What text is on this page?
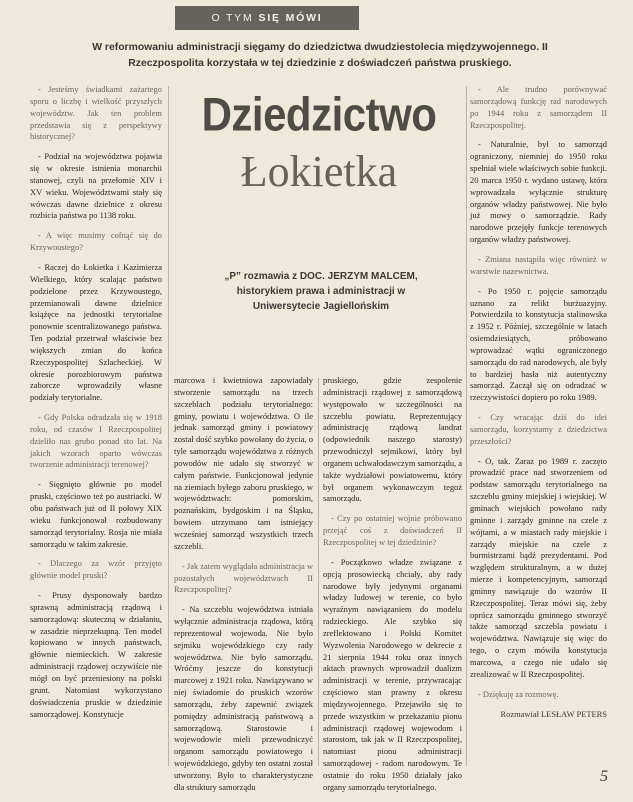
O TYM SIĘ MÓWI
W reformowaniu administracji sięgamy do dziedzictwa dwudziestolecia międzywojennego. II Rzeczpospolita korzystała w tej dziedzinie z doświadczeń państwa pruskiego.
Dziedzictwo
Łokietka
„P” rozmawia z DOC. JERZYM MALCEM, historykiem prawa i administracji w Uniwersytecie Jagiellońskim

- Jesteśmy świadkami zażartego sporu o liczbę i wielkość przyszłych województw. Jak ten problem przedstawia się z perspektywy historycznej?

- Podział na województwa pojawia się w okresie istnienia monarchii stanowej, czyli na przełomie XIV i XV wieku. Województwami stały się wówczas dawne dzielnice z okresu rozbicia państwa po 1138 roku.

- A więc musimy cofnąć się do Krzywoustego?

- Raczej do Łokietka i Kazimierza Wielkiego, który scalając państwo podzielone przez Krzywoustego, przemianowali dawne dzielnice książęce na jednostki terytorialne ponownie scentralizowanego państwa. Ten podział przetrwał właściwie bez większych zmian do końca Rzeczypospolitej Szlacheckiej. W okresie porozbiorowym państwa zaborcze wprowadziły własne podziały terytorialne.

- Gdy Polska odradzała się w 1918 roku, od czasów I Rzeczpospolitej dzieliło nas grubo ponad sto lat. Na jakich wzorach oparto wówczas tworzenie administracji terenowej?

- Sięgnięto głównie po model pruski, częściowo też po austriacki. W obu państwach już od II połowy XIX wieku funkcjonował rozbudowany samorząd terytorialny. Rosja nie miała samorządu w takim zakresie.

- Dlaczego za wzór przyjęto głównie model pruski?

- Prusy dysponowały bardzo sprawną administracją rządową i samorządową: skuteczną w działaniu, w zasadzie nieprzekupną. Ten model kopiowano w innych państwach, głównie niemieckich. W zakresie administracji rządowej oczywiście nie mógł on być przeniesiony na polski grunt. Natomiast wykorzystano doświadczenia pruskie w dziedzinie samorządowej. Konstytucje

marcowa i kwietniowa zapowiadały stworzenie samorządu na trzech szczeblach podziału terytorialnego: gminy, powiatu i województwa. O ile jednak samorząd gminy i powiatowy został dość szybko powołany do życia, o tyle samorządu województwa z różnych powodów nie udało się stworzyć w całym państwie. Funkcjonował jedynie na ziemiach byłego zaboru pruskiego, w województwach: pomorskim, poznańskim, bydgoskim i na Śląsku, bowiem utrzymano tam istniejący wcześniej samorząd wszystkich trzech szczebli.

- Jak zatem wyglądała administracja w pozostałych województwach II Rzeczpospolitej?

- Na szczeblu województwa istniała wyłącznie administracja rządowa, którą reprezentował wojewoda. Nie było sejmiku wojewódzkiego czy rady województwa. Nie było samorządu. Wróćmy jeszcze do konstytucji marcowej z 1921 roku. Nawiązywano w niej świadomie do pruskich wzorów samorządu, żeby zapewnić związek pomiędzy administracją państwową a samorządową. Starostowie i wojewodowie mieli przewodniczyć organom samorządu powiatowego i wojewódzkiego, gdyby ten ostatni został utworzony. Było to charakterystyczne dla struktury samorządu

pruskiego, gdzie zespolenie administracji rządowej z samorządową występowało w szczególności na szczeblu powiatu. Reprezentujący administrację rządową landrat (odpowiednik naszego starosty) przewodniczył sejmikowi, który był organem uchwałodawczym samorządu, a także wydziałowi powiatowemu, który był organem wykonawczym tegoż samorządu.

- Czy po ostatniej wojnie próbowano przejąć coś z doświadczeń II Rzeczpospolitej w tej dziedzinie?

- Początkowo władze związane z opcją prosowiecką chciały, aby rady narodowe były jedynymi organami władzy ludowej w terenie, co było wyraźnym nawiązaniem do modelu radzieckiego. Ale szybko się zreflektowano i Polski Komitet Wyzwolenia Narodowego w dekrecie z 21 sierpnia 1944 roku oraz innych aktach prawnych wprowadził dualizm administracji w terenie, przywracając częściowo stan prawny z okresu międzywojennego. Przejawiło się to przede wszystkim w przekazaniu pionu administracji rządowej wojewodom i starostom, tak jak w II Rzeczpospolitej, natomiast pionu administracji samorządowej - radom narodowym. Te ostatnie do roku 1950 działały jako organy samorządu terytorialnego.

- Ale trudno porównywać samorządową funkcję rad narodowych po 1944 roku z samorządem II Rzeczpospolitej.

- Naturalnie, był to samorząd ograniczony, niemniej do 1950 roku spełniał wiele właściwych sobie funkcji. 20 marca 1950 r. wydano ustawę, która wprowadzała wyłącznie strukturę organów władzy państwowej. Nie było już mowy o samorządzie. Rady narodowe przejęły funkcje terenowych organów władzy państwowej.

- Zmiana nastąpiła więc również w warstwie nazewnictwa.

- Po 1950 r. pojęcie samorządu uznano za relikt burżuazyjny. Potwierdziła to konstytucja stalinowska z 1952 r. Później, szczególnie w latach osiemdziesiątych, próbowano wprowadzać wątki ograniczonego samorządu do rad narodowych, ale były to bardziej hasła niż autentyczny samorząd. Zaczął się on odradzać w rzeczywistości dopiero po roku 1989.

- Czy wracając dziś do idei samorządu, korzystamy z dziedzictwa przeszłości?

- O, tak. Zaraz po 1989 r. zaczęto prowadzić prace nad stworzeniem od podstaw samorządu terytorialnego na szczeblu gminy miejskiej i wiejskiej. W gminach wiejskich powołano rady gminne i zarządy gminne na czele z wójtami, a w miastach rady miejskie i zarządy miejskie na czele z burmistrzami bądź prezydentami. Pod względem strukturalnym, a w dużej mierze i kompetencyjnym, samorząd gminny nawiązuje do wzorów II Rzeczpospolitej. Teraz mówi się, żeby oprócz samorządu gminnego stworzyć także samorząd szczebla powiatu i województwa. Nawiązuje się więc do tego, o czym mówiła konstytucja marcowa, a czego nie udało się zrealizować w II Rzeczpospolitej.

- Dziękuję za rozmowę.

Rozmawiał LESŁAW PETERS

5
